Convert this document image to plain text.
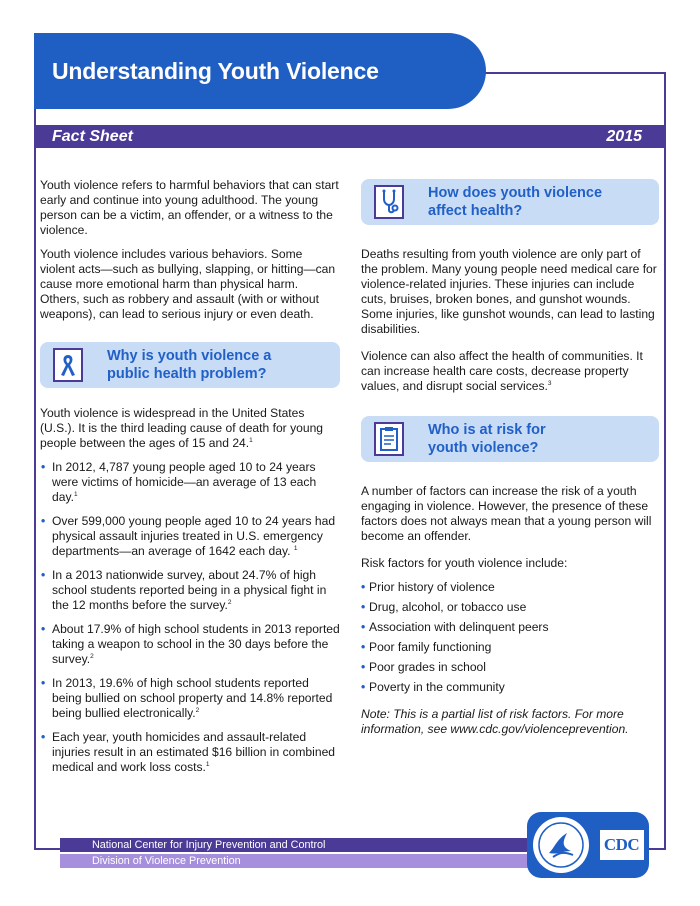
Understanding Youth Violence
Fact Sheet	2015

Youth violence refers to harmful behaviors that can start early and continue into young adulthood. The young person can be a victim, an offender, or a witness to the violence.

Youth violence includes various behaviors. Some violent acts—such as bullying, slapping, or hitting—can cause more emotional harm than physical harm. Others, such as robbery and assault (with or without weapons), can lead to serious injury or even death.

Why is youth violence a public health problem?

Youth violence is widespread in the United States (U.S.). It is the third leading cause of death for young people between the ages of 15 and 24.$^1$

• In 2012, 4,787 young people aged 10 to 24 years were victims of homicide—an average of 13 each day.$^1$
• Over 599,000 young people aged 10 to 24 years had physical assault injuries treated in U.S. emergency departments—an average of 1642 each day. $^1$
• In a 2013 nationwide survey, about 24.7% of high school students reported being in a physical fight in the 12 months before the survey.$^2$
• About 17.9% of high school students in 2013 reported taking a weapon to school in the 30 days before the survey.$^2$
• In 2013, 19.6% of high school students reported being bullied on school property and 14.8% reported being bullied electronically.$^2$
• Each year, youth homicides and assault-related injuries result in an estimated $16 billion in combined medical and work loss costs.$^1$
How does youth violence affect health?

Deaths resulting from youth violence are only part of the problem. Many young people need medical care for violence-related injuries. These injuries can include cuts, bruises, broken bones, and gunshot wounds. Some injuries, like gunshot wounds, can lead to lasting disabilities.

Violence can also affect the health of communities. It can increase health care costs, decrease property values, and disrupt social services.$^3$

Who is at risk for youth violence?

A number of factors can increase the risk of a youth engaging in violence. However, the presence of these factors does not always mean that a young person will become an offender.

Risk factors for youth violence include:

• Prior history of violence
• Drug, alcohol, or tobacco use
• Association with delinquent peers
• Poor family functioning
• Poor grades in school
• Poverty in the community

Note: This is a partial list of risk factors. For more information, see www.cdc.gov/violenceprevention.

National Center for Injury Prevention and Control
Division of Violence Prevention
CDC
